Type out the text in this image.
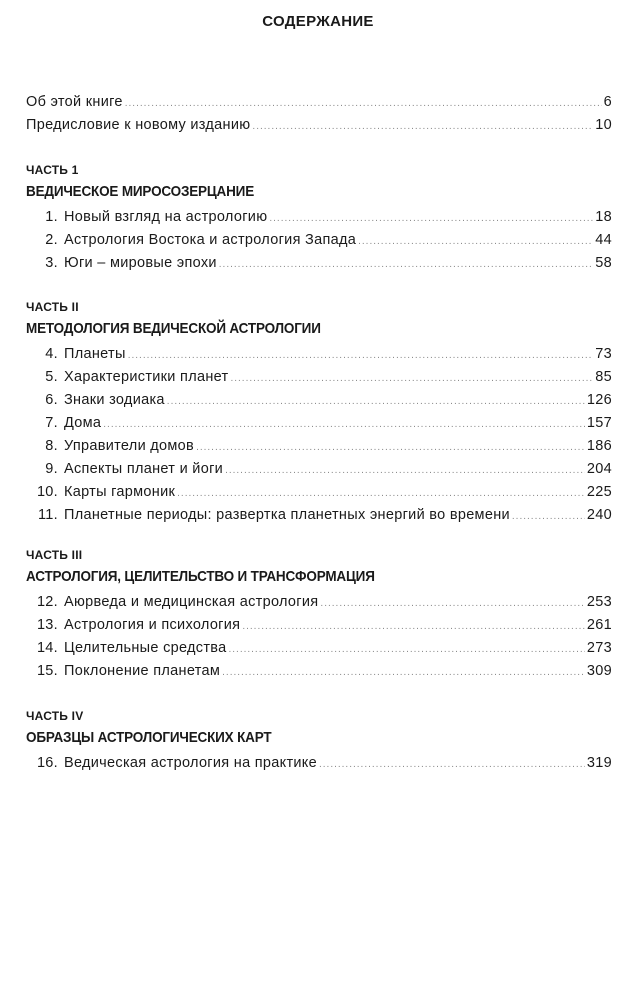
СОДЕРЖАНИЕ
Об этой книге .....	6
Предисловие к новому изданию .....	10
ЧАСТЬ 1
ВЕДИЧЕСКОЕ МИРОСОЗЕРЦАНИЕ
1. Новый взгляд на астрологию .....	18
2. Астрология Востока и астрология Запада .....	44
3. Юги – мировые эпохи .....	58
ЧАСТЬ II
МЕТОДОЛОГИЯ ВЕДИЧЕСКОЙ АСТРОЛОГИИ
4. Планеты .....	73
5. Характеристики планет .....	85
6. Знаки зодиака .....	126
7. Дома .....	157
8. Управители домов .....	186
9. Аспекты планет и йоги .....	204
10. Карты гармоник .....	225
11. Планетные периоды: развертка планетных энергий во времени .....	240
ЧАСТЬ III
АСТРОЛОГИЯ, ЦЕЛИТЕЛЬСТВО И ТРАНСФОРМАЦИЯ
12. Аюрведа и медицинская астрология .....	253
13. Астрология и психология .....	261
14. Целительные средства .....	273
15. Поклонение планетам .....	309
ЧАСТЬ IV
ОБРАЗЦЫ АСТРОЛОГИЧЕСКИХ КАРТ
16. Ведическая астрология на практике .....	319
